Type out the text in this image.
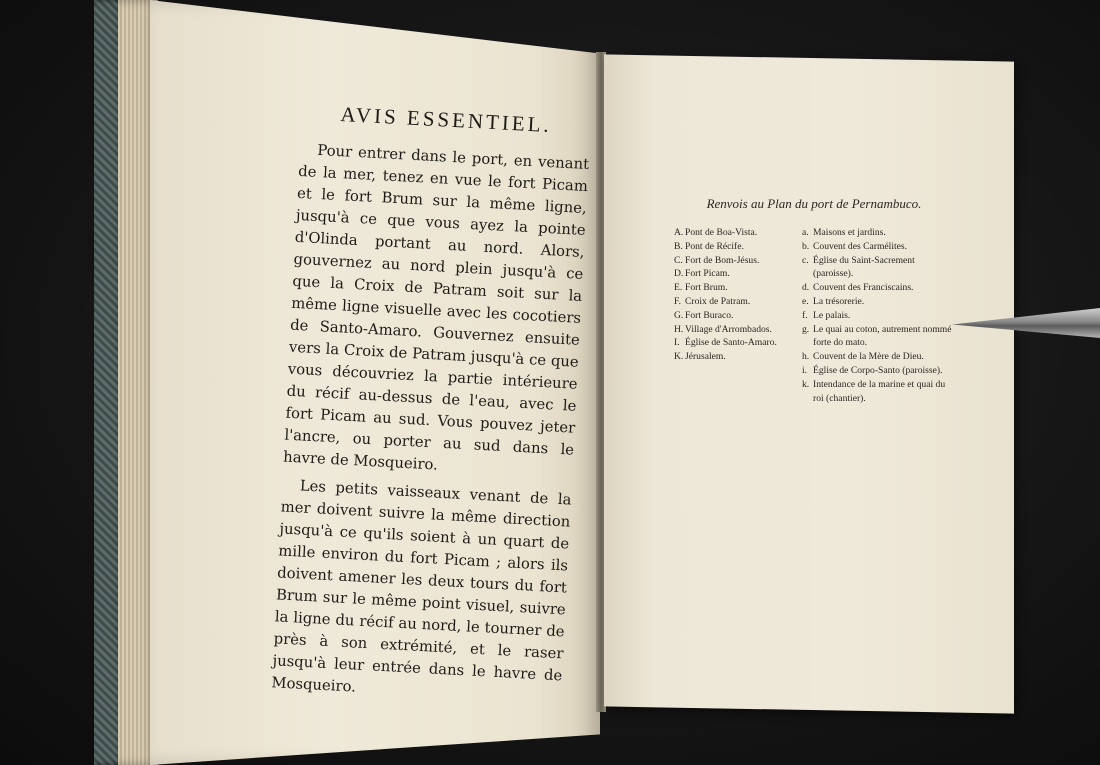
AVIS ESSENTIEL.

Pour entrer dans le port, en venant de la mer, tenez en vue le fort Picam et le fort Brum sur la même ligne, jusqu'à ce que vous ayez la pointe d'Olinda portant au nord. Alors, gouvernez au nord plein jusqu'à ce que la Croix de Patram soit sur la même ligne visuelle avec les cocotiers de Santo-Amaro. Gouvernez ensuite vers la Croix de Patram jusqu'à ce que vous découvriez la partie intérieure du récif au-dessus de l'eau, avec le fort Picam au sud. Vous pouvez jeter l'ancre, ou porter au sud dans le havre de Mosqueiro.

Les petits vaisseaux venant de la mer doivent suivre la même direction jusqu'à ce qu'ils soient à un quart de mille environ du fort Picam ; alors ils doivent amener les deux tours du fort Brum sur le même point visuel, suivre la ligne du récif au nord, le tourner de près à son extrémité, et le raser jusqu'à leur entrée dans le havre de Mosqueiro.

Renvois au Plan du port de Pernambuco.
A. Pont de Boa-Vista.
B. Pont de Récife.
C. Fort de Bom-Jésus.
D. Fort Picam.
E. Fort Brum.
F. Croix de Patram.
G. Fort Buraco.
H. Village d'Arrombados.
I. Église de Santo-Amaro.
K. Jérusalem.
a. Maisons et jardins.
b. Couvent des Carmélites.
c. Église du Saint-Sacrement (paroisse).
d. Couvent des Franciscains.
e. La trésorerie.
f. Le palais.
g. Le quai au coton, autrement nommé forte do mato.
h. Couvent de la Mère de Dieu.
i. Église de Corpo-Santo (paroisse).
k. Intendance de la marine et quai du roi (chantier).
